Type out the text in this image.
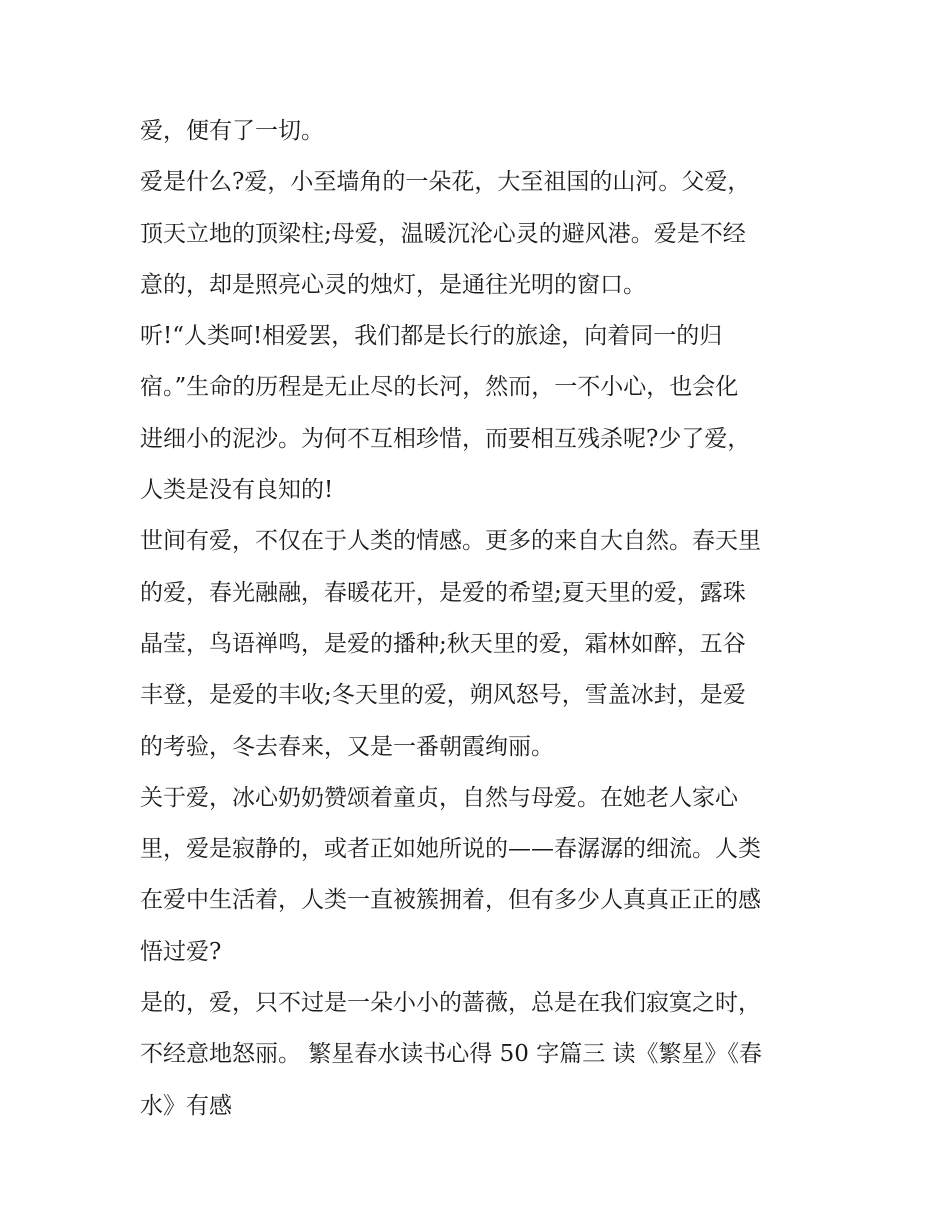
爱，便有了一切。
爱是什么?爱，小至墙角的一朵花，大至祖国的山河。父爱，
顶天立地的顶梁柱;母爱，温暖沉沦心灵的避风港。爱是不经
意的，却是照亮心灵的烛灯，是通往光明的窗口。
听!“人类呵!相爱罢，我们都是长行的旅途，向着同一的归
宿。”生命的历程是无止尽的长河，然而，一不小心，也会化
进细小的泥沙。为何不互相珍惜，而要相互残杀呢?少了爱，
人类是没有良知的!
世间有爱，不仅在于人类的情感。更多的来自大自然。春天里
的爱，春光融融，春暖花开，是爱的希望;夏天里的爱，露珠
晶莹，鸟语禅鸣，是爱的播种;秋天里的爱，霜林如醉，五谷
丰登，是爱的丰收;冬天里的爱，朔风怒号，雪盖冰封，是爱
的考验，冬去春来，又是一番朝霞绚丽。
关于爱，冰心奶奶赞颂着童贞，自然与母爱。在她老人家心
里，爱是寂静的，或者正如她所说的——春潺潺的细流。人类
在爱中生活着，人类一直被簇拥着，但有多少人真真正正的感
悟过爱?
是的，爱，只不过是一朵小小的蔷薇，总是在我们寂寞之时，
不经意地怒丽。 繁星春水读书心得 50 字篇三 读《繁星》《春
水》有感
